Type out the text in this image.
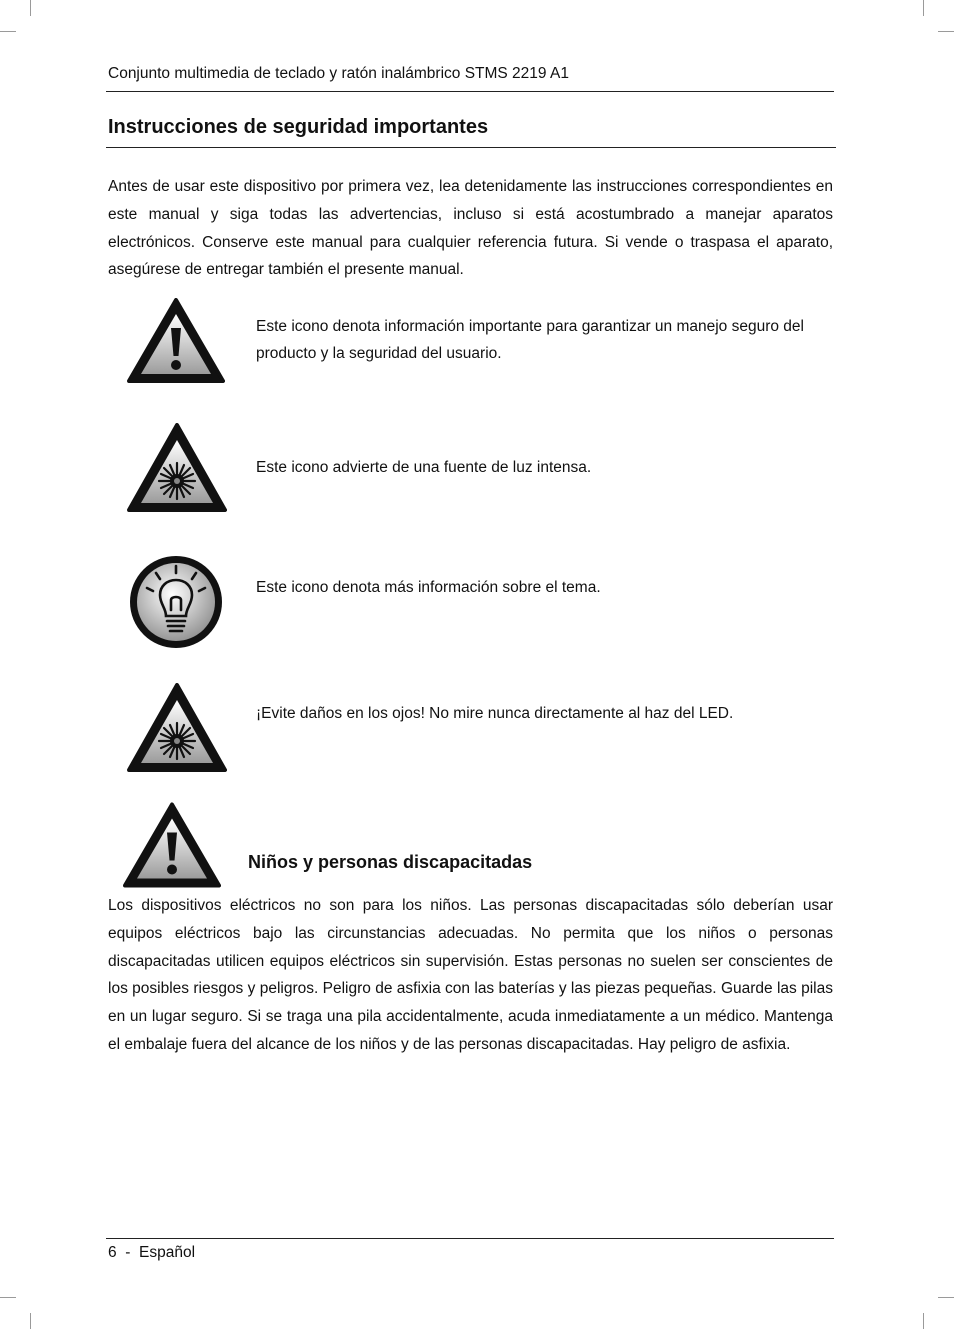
Conjunto multimedia de teclado y ratón inalámbrico STMS 2219 A1
Instrucciones de seguridad importantes

Antes de usar este dispositivo por primera vez, lea detenidamente las instrucciones correspondientes en este manual y siga todas las advertencias, incluso si está acostumbrado a manejar aparatos electrónicos. Conserve este manual para cualquier referencia futura. Si vende o traspasa el aparato, asegúrese de entregar también el presente manual.

Este icono denota información importante para garantizar un manejo seguro del producto y la seguridad del usuario.

Este icono advierte de una fuente de luz intensa.

Este icono denota más información sobre el tema.

¡Evite daños en los ojos! No mire nunca directamente al haz del LED.

Niños y personas discapacitadas

Los dispositivos eléctricos no son para los niños. Las personas discapacitadas sólo deberían usar equipos eléctricos bajo las circunstancias adecuadas. No permita que los niños o personas discapacitadas utilicen equipos eléctricos sin supervisión. Estas personas no suelen ser conscientes de los posibles riesgos y peligros. Peligro de asfixia con las baterías y las piezas pequeñas. Guarde las pilas en un lugar seguro. Si se traga una pila accidentalmente, acuda inmediatamente a un médico. Mantenga el embalaje fuera del alcance de los niños y de las personas discapacitadas. Hay peligro de asfixia.

6 - Español
